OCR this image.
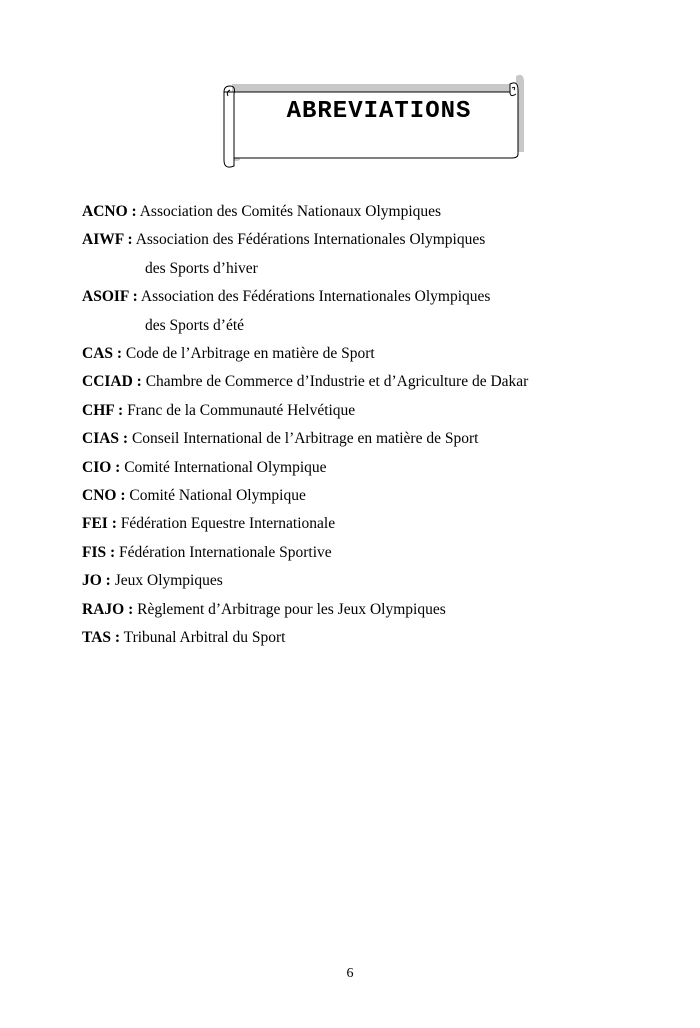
ABREVIATIONS
ACNO : Association des Comités Nationaux Olympiques
AIWF : Association des Fédérations Internationales Olympiques
des Sports d’hiver
ASOIF : Association des Fédérations Internationales Olympiques
des Sports d’été
CAS : Code de l’Arbitrage en matière de Sport
CCIAD : Chambre de Commerce d’Industrie et d’Agriculture de Dakar
CHF : Franc de la Communauté Helvétique
CIAS : Conseil International de l’Arbitrage en matière de Sport
CIO : Comité International Olympique
CNO : Comité National Olympique
FEI : Fédération Equestre Internationale
FIS : Fédération Internationale Sportive
JO : Jeux Olympiques
RAJO : Règlement d’Arbitrage pour les Jeux Olympiques
TAS : Tribunal Arbitral du Sport
6
